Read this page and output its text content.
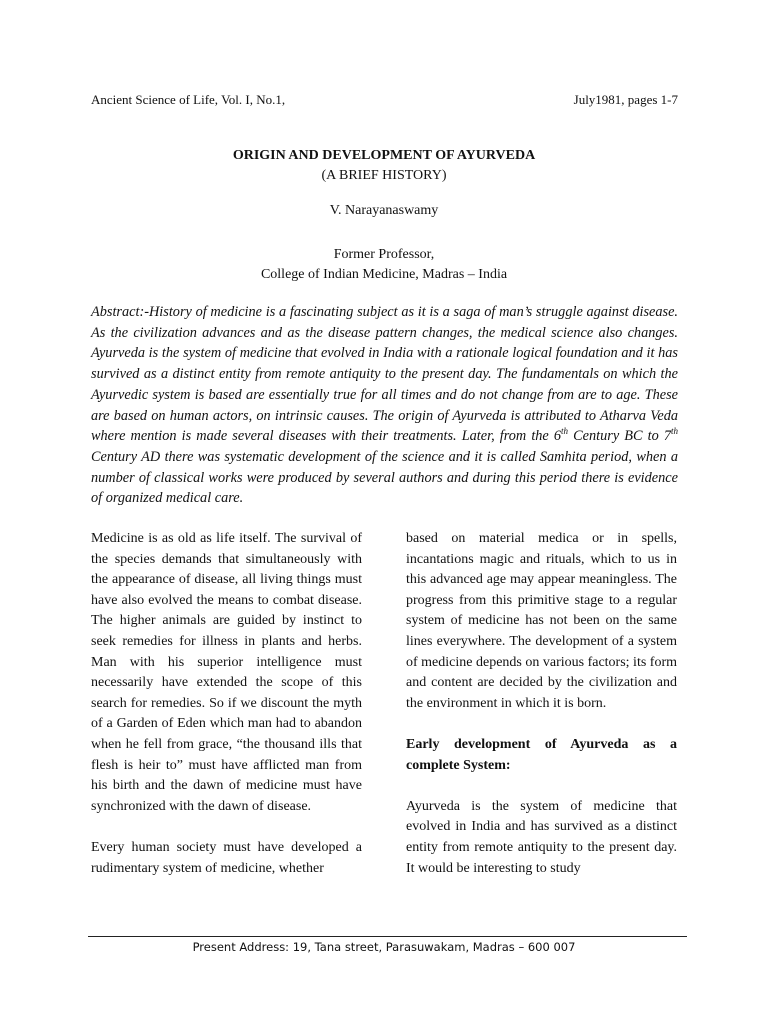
Ancient Science of Life, Vol. I, No.1,	July1981, pages 1-7
ORIGIN AND DEVELOPMENT OF AYURVEDA
(A BRIEF HISTORY)
V. Narayanaswamy
Former Professor,
College of Indian Medicine, Madras – India

Abstract:-History of medicine is a fascinating subject as it is a saga of man’s struggle against disease. As the civilization advances and as the disease pattern changes, the medical science also changes. Ayurveda is the system of medicine that evolved in India with a rationale logical foundation and it has survived as a distinct entity from remote antiquity to the present day. The fundamentals on which the Ayurvedic system is based are essentially true for all times and do not change from are to age. These are based on human actors, on intrinsic causes. The origin of Ayurveda is attributed to Atharva Veda where mention is made several diseases with their treatments. Later, from the 6th Century BC to 7th Century AD there was systematic development of the science and it is called Samhita period, when a number of classical works were produced by several authors and during this period there is evidence of organized medical care.

Medicine is as old as life itself. The survival of the species demands that simultaneously with the appearance of disease, all living things must have also evolved the means to combat disease. The higher animals are guided by instinct to seek remedies for illness in plants and herbs. Man with his superior intelligence must necessarily have extended the scope of this search for remedies. So if we discount the myth of a Garden of Eden which man had to abandon when he fell from grace, “the thousand ills that flesh is heir to” must have afflicted man from his birth and the dawn of medicine must have synchronized with the dawn of disease.

Every human society must have developed a rudimentary system of medicine, whether

based on material medica or in spells, incantations magic and rituals, which to us in this advanced age may appear meaningless. The progress from this primitive stage to a regular system of medicine has not been on the same lines everywhere. The development of a system of medicine depends on various factors; its form and content are decided by the civilization and the environment in which it is born.

Early development of Ayurveda as a complete System:

Ayurveda is the system of medicine that evolved in India and has survived as a distinct entity from remote antiquity to the present day. It would be interesting to study

Present Address: 19, Tana street, Parasuwakam, Madras – 600 007
